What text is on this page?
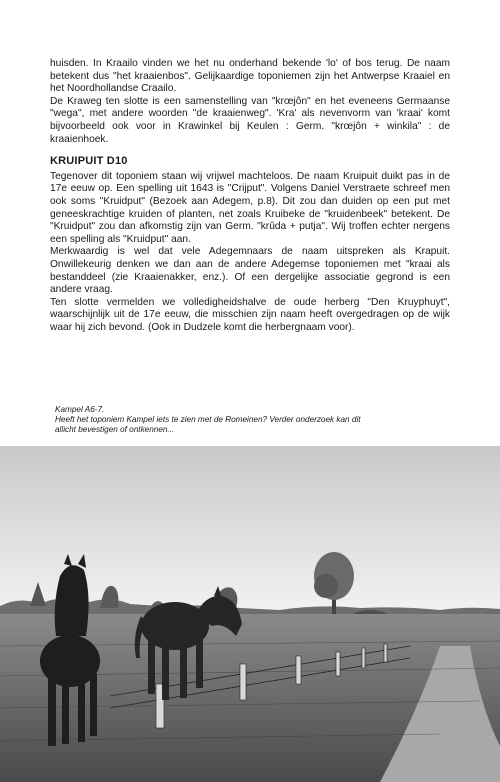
huisden. In Kraailo vinden we het nu onderhand bekende 'lo' of bos terug. De naam betekent dus "het kraaienbos". Gelijkaardige toponiemen zijn het Antwerpse Kraaiel en het Noordhollandse Craailo.

De Kraweg ten slotte is een samenstelling van "krœjôn" en het eveneens Germaanse "wega", met andere woorden "de kraaienweg". 'Kra' als nevenvorm van 'kraai' komt bijvoorbeeld ook voor in Krawinkel bij Keulen : Germ. "krœjôn + winkila" : de kraaienhoek.

KRUIPUIT D10

Tegenover dit toponiem staan wij vrijwel machteloos. De naam Kruipuit duikt pas in de 17e eeuw op. Een spelling uit 1643 is "Crijput". Volgens Daniel Verstraete schreef men ook soms "Kruidput" (Bezoek aan Adegem, p.8). Dit zou dan duiden op een put met geneeskrachtige kruiden of planten, net zoals Kruibeke de "kruidenbeek" betekent. De "Kruidput" zou dan afkomstig zijn van Germ. "krûda + putja". Wij troffen echter nergens een spelling als "Kruidput" aan.

Merkwaardig is wel dat vele Adegemnaars de naam uitspreken als Krapuit. Onwillekeurig denken we dan aan de andere Adegemse toponiemen met "kraai als bestanddeel (zie Kraaienakker, enz.). Of een dergelijke associatie gegrond is een andere vraag.

Ten slotte vermelden we volledigheidshalve de oude herberg "Den Kruyphuyt", waarschijnlijk uit de 17e eeuw, die misschien zijn naam heeft overgedragen op de wijk waar hij zich bevond. (Ook in Dudzele komt die herbergnaam voor).

Kampel A6-7.

Heeft het toponiem Kampel iets te zien met de Romeinen? Verder onderzoek kan dit allicht bevestigen of ontkennen...
